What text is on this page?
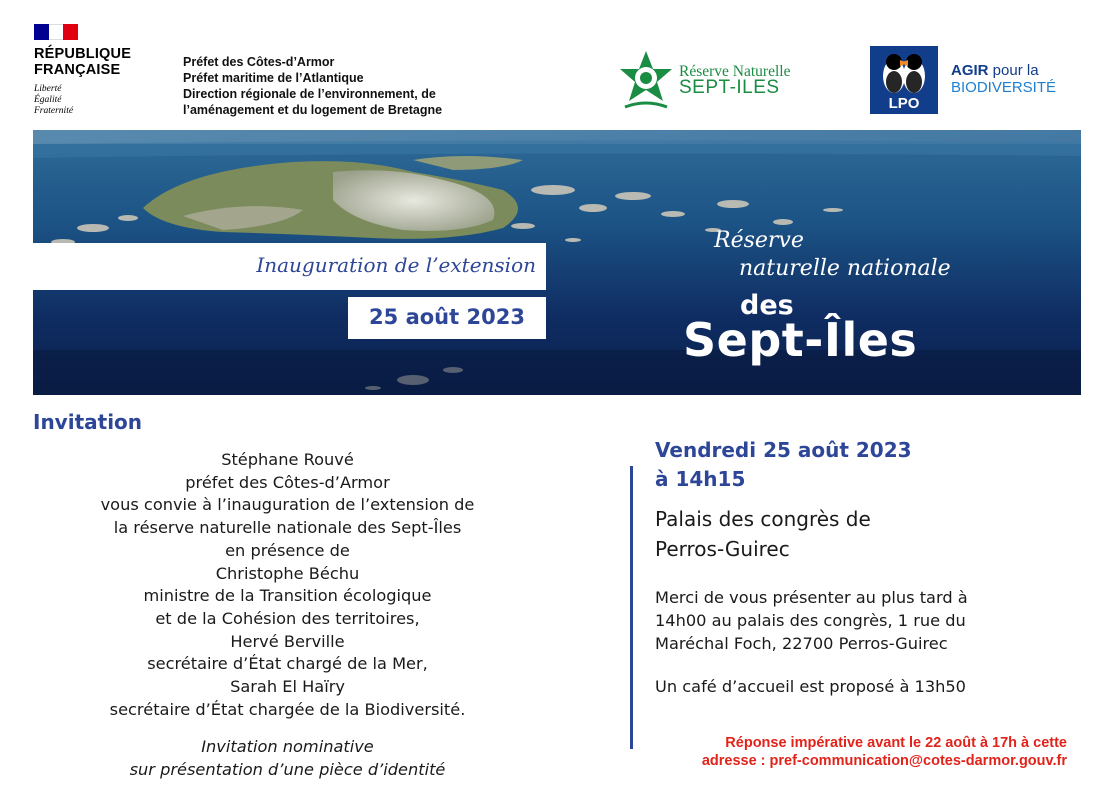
RÉPUBLIQUE
FRANÇAISE
Liberté
Égalité
Fraternité
Préfet des Côtes-d’Armor
Préfet maritime de l’Atlantique
Direction régionale de l’environnement, de
l’aménagement et du logement de Bretagne
Réserve Naturelle
SEPT-ILES
LPO
AGIR pour la
BIODIVERSITÉ
Inauguration de l’extension
25 août 2023
Réserve
naturelle nationale
des
Sept-Îles
Invitation
Stéphane Rouvé
préfet des Côtes-d’Armor
vous convie à l’inauguration de l’extension de
la réserve naturelle nationale des Sept-Îles
en présence de
Christophe Béchu
ministre de la Transition écologique
et de la Cohésion des territoires,
Hervé Berville
secrétaire d’État chargé de la Mer,
Sarah El Haïry
secrétaire d’État chargée de la Biodiversité.
Invitation nominative
sur présentation d’une pièce d’identité
Vendredi 25 août 2023
à 14h15
Palais des congrès de
Perros-Guirec
Merci de vous présenter au plus tard à
14h00 au palais des congrès, 1 rue du
Maréchal Foch, 22700 Perros-Guirec
Un café d’accueil est proposé à 13h50
Réponse impérative avant le 22 août à 17h à cette
adresse : pref-communication@cotes-darmor.gouv.fr
